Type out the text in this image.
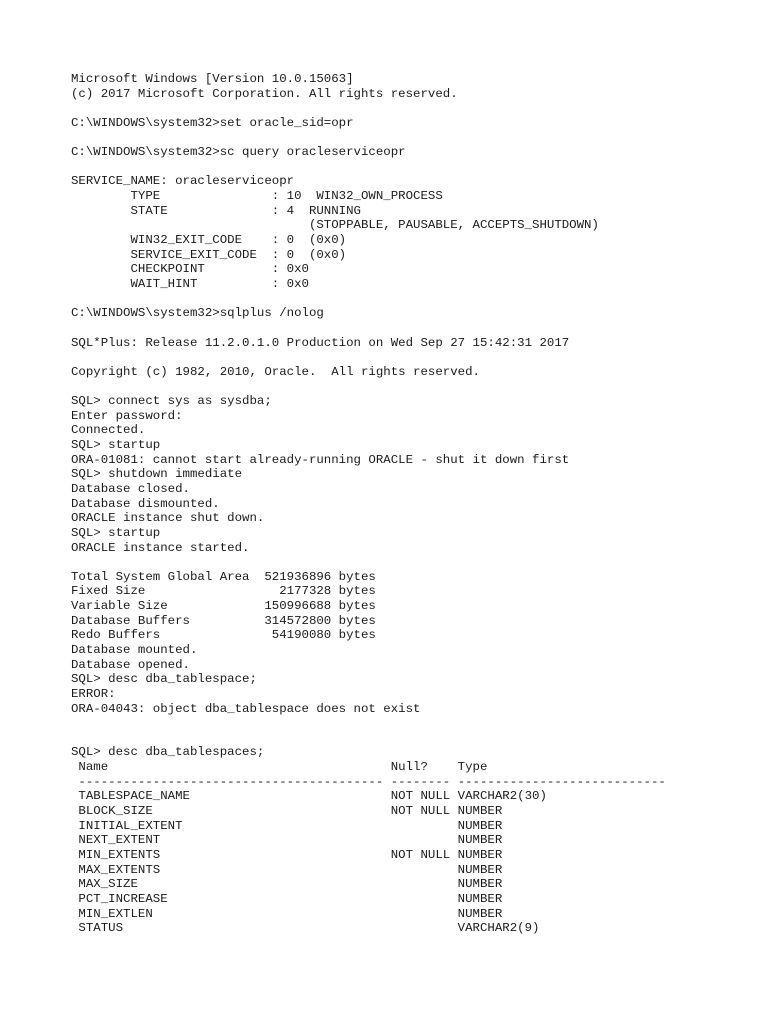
Microsoft Windows [Version 10.0.15063]
(c) 2017 Microsoft Corporation. All rights reserved.
C:\WINDOWS\system32>set oracle_sid=opr
C:\WINDOWS\system32>sc query oracleserviceopr
SERVICE_NAME: oracleserviceopr
TYPE               : 10  WIN32_OWN_PROCESS
STATE              : 4  RUNNING
(STOPPABLE, PAUSABLE, ACCEPTS_SHUTDOWN)
WIN32_EXIT_CODE    : 0  (0x0)
SERVICE_EXIT_CODE  : 0  (0x0)
CHECKPOINT         : 0x0
WAIT_HINT          : 0x0
C:\WINDOWS\system32>sqlplus /nolog
SQL*Plus: Release 11.2.0.1.0 Production on Wed Sep 27 15:42:31 2017
Copyright (c) 1982, 2010, Oracle.  All rights reserved.
SQL> connect sys as sysdba;
Enter password:
Connected.
SQL> startup
ORA-01081: cannot start already-running ORACLE - shut it down first
SQL> shutdown immediate
Database closed.
Database dismounted.
ORACLE instance shut down.
SQL> startup
ORACLE instance started.
Total System Global Area  521936896 bytes
Fixed Size                  2177328 bytes
Variable Size             150996688 bytes
Database Buffers          314572800 bytes
Redo Buffers               54190080 bytes
Database mounted.
Database opened.
SQL> desc dba_tablespace;
ERROR:
ORA-04043: object dba_tablespace does not exist
SQL> desc dba_tablespaces;
Name                                      Null?    Type
----------------------------------------- -------- ----------------------------
TABLESPACE_NAME                           NOT NULL VARCHAR2(30)
BLOCK_SIZE                                NOT NULL NUMBER
INITIAL_EXTENT                                     NUMBER
NEXT_EXTENT                                        NUMBER
MIN_EXTENTS                               NOT NULL NUMBER
MAX_EXTENTS                                        NUMBER
MAX_SIZE                                           NUMBER
PCT_INCREASE                                       NUMBER
MIN_EXTLEN                                         NUMBER
STATUS                                             VARCHAR2(9)
